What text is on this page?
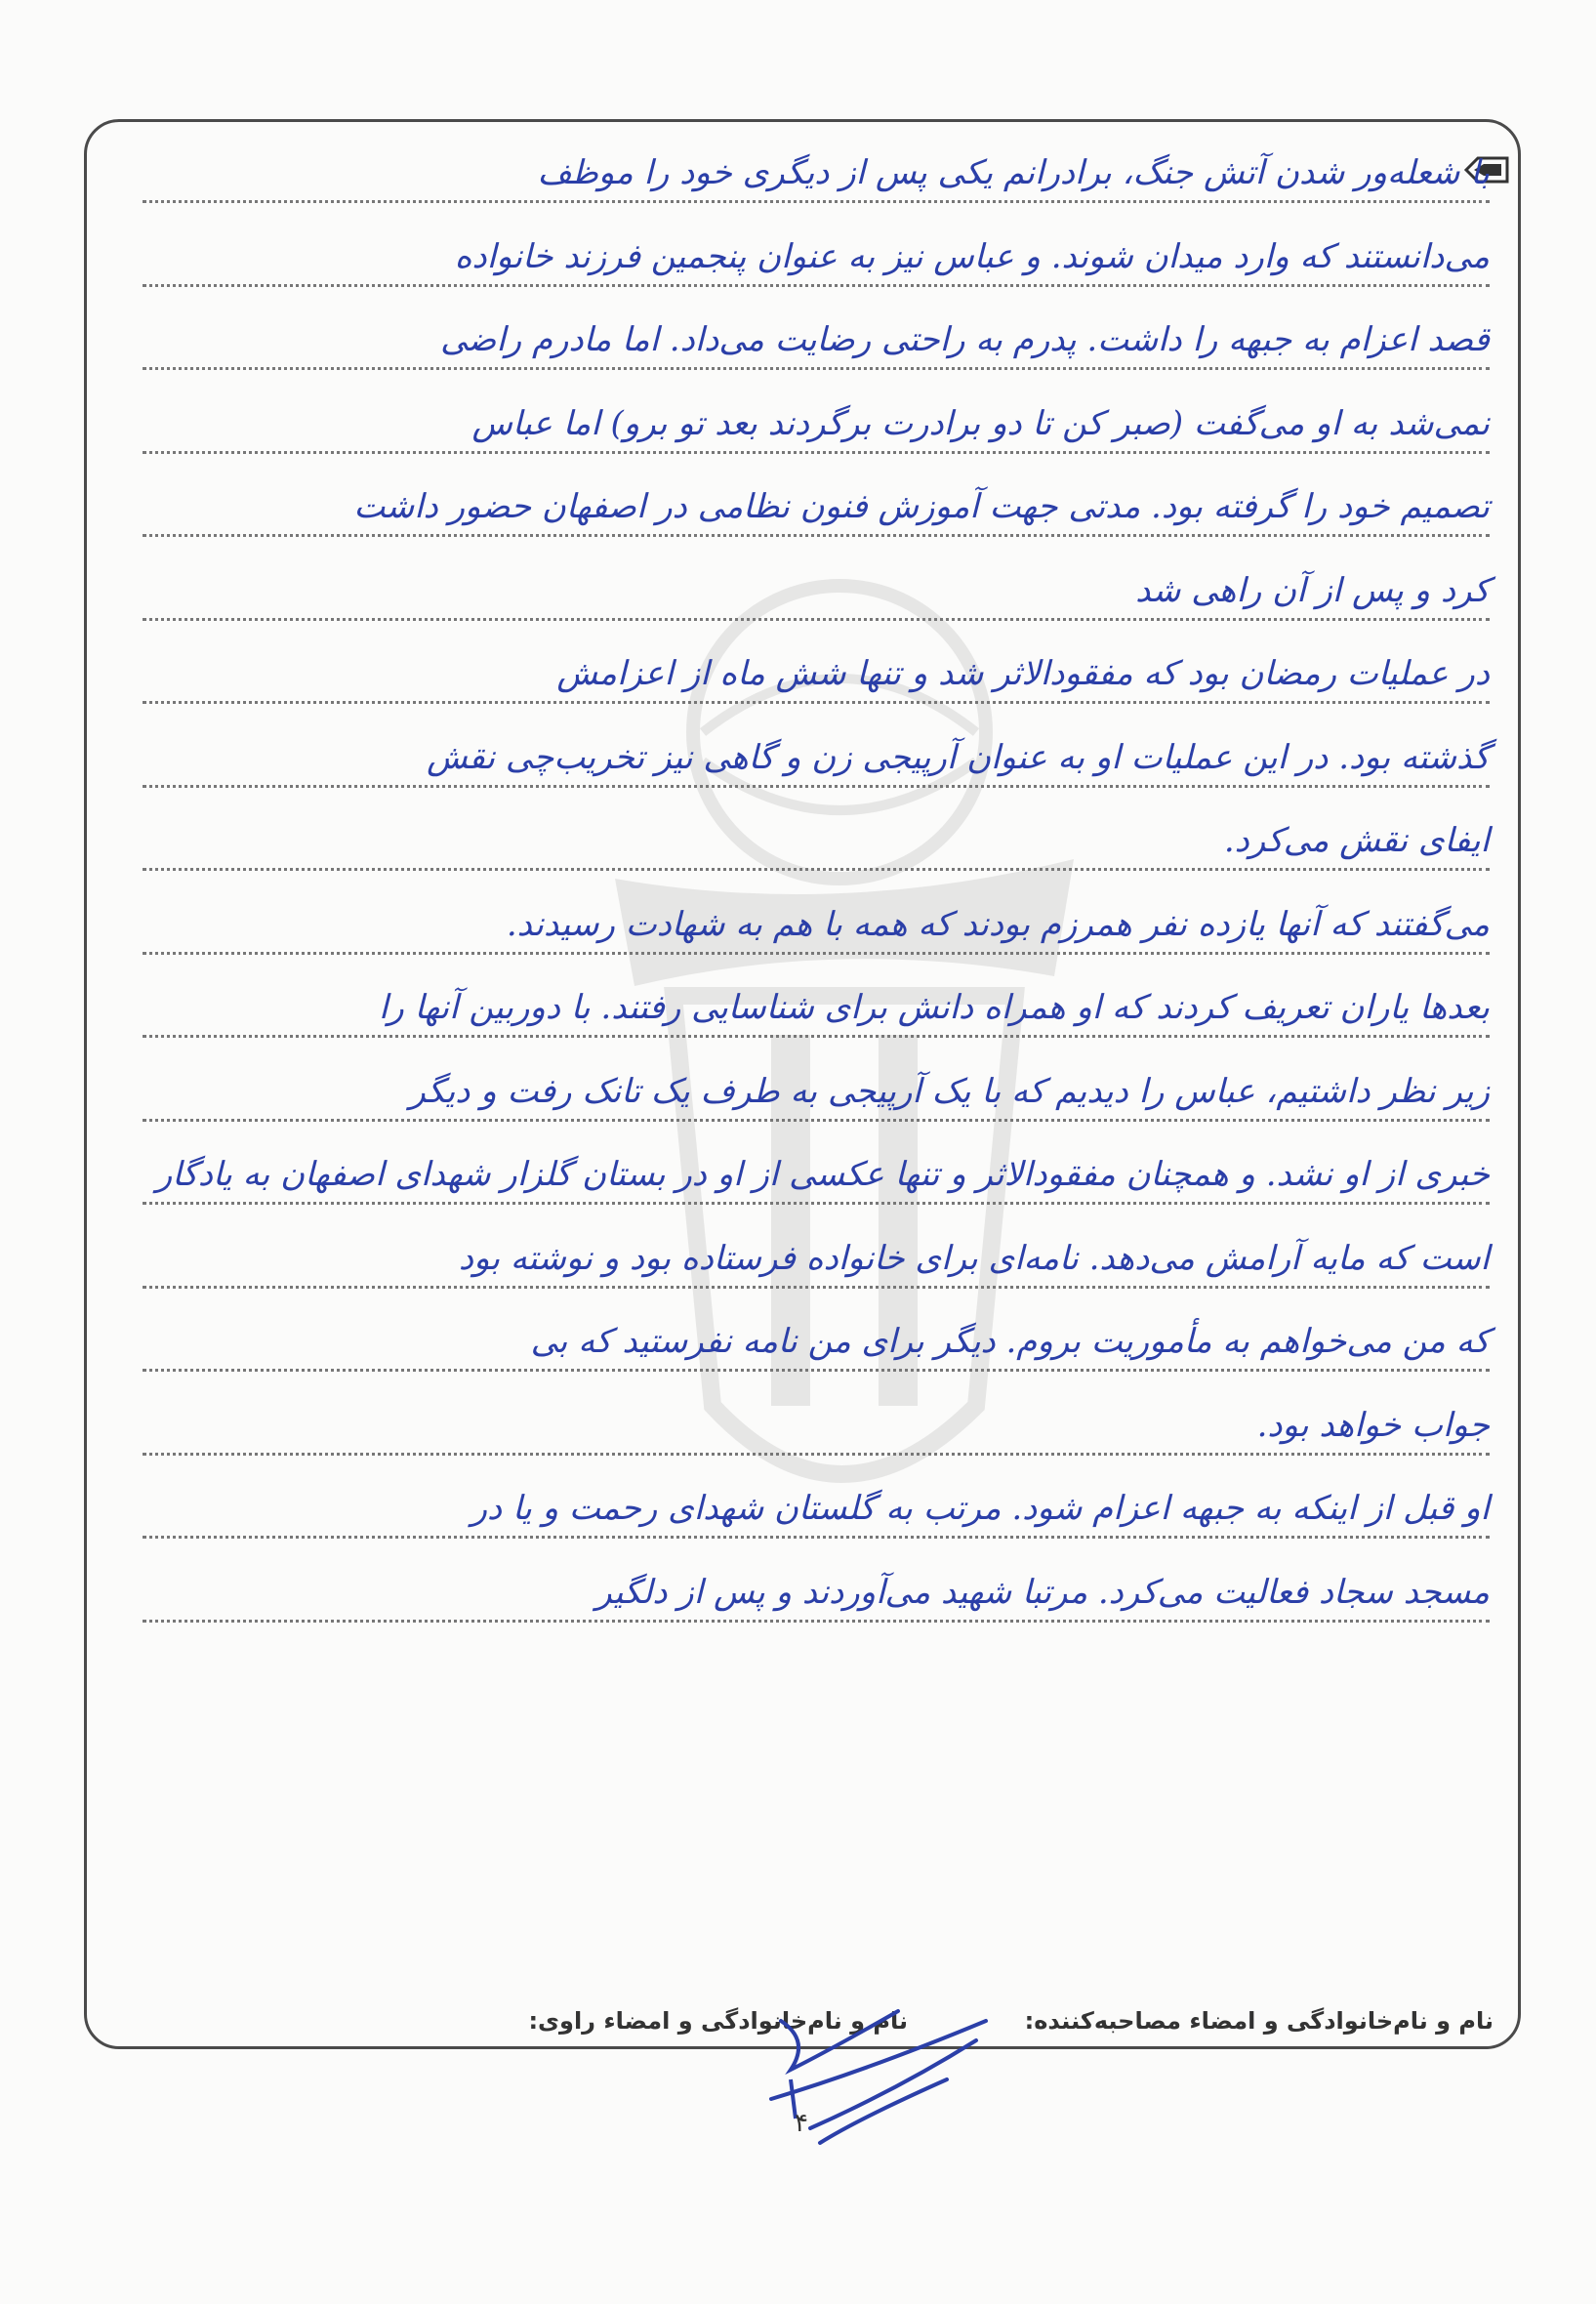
با شعله‌ور شدن آتش جنگ، برادرانم یکی پس از دیگری خود را موظف
می‌دانستند که وارد میدان شوند. و عباس نیز به عنوان پنجمین فرزند خانواده
قصد اعزام به جبهه را داشت. پدرم به راحتی رضایت می‌داد. اما مادرم راضی
نمی‌شد به او می‌گفت (صبر کن تا دو برادرت برگردند بعد تو برو) اما عباس
تصمیم خود را گرفته بود. مدتی جهت آموزش فنون نظامی در اصفهان حضور داشت
کرد و پس از آن راهی شد
در عملیات رمضان بود که مفقودالاثر شد و تنها شش ماه از اعزامش
گذشته بود. در این عملیات او به عنوان آرپیجی زن و گاهی نیز تخریب‌چی نقش
ایفای نقش می‌کرد.
می‌گفتند که آنها یازده نفر همرزم بودند که همه با هم به شهادت رسیدند.
بعدها یاران تعریف کردند که او همراه دانش برای شناسایی رفتند. با دوربین آنها را
زیر نظر داشتیم، عباس را دیدیم که با یک آرپیجی به طرف یک تانک رفت و دیگر
خبری از او نشد. و همچنان مفقودالاثر و تنها عکسی از او در بستان گلزار شهدای اصفهان به یادگار
است که مایه آرامش می‌دهد. نامه‌ای برای خانواده فرستاده بود و نوشته بود
که من می‌خواهم به مأموریت بروم. دیگر برای من نامه نفرستید که بی
جواب خواهد بود.
او قبل از اینکه به جبهه اعزام شود. مرتب به گلستان شهدای رحمت و یا در
مسجد سجاد فعالیت می‌کرد. مرتبا شهید می‌آوردند و پس از دلگیر
نام و نام‌خانوادگی و امضاء مصاحبه‌کننده:
نام و نام‌خانوادگی و امضاء راوی:
۴
